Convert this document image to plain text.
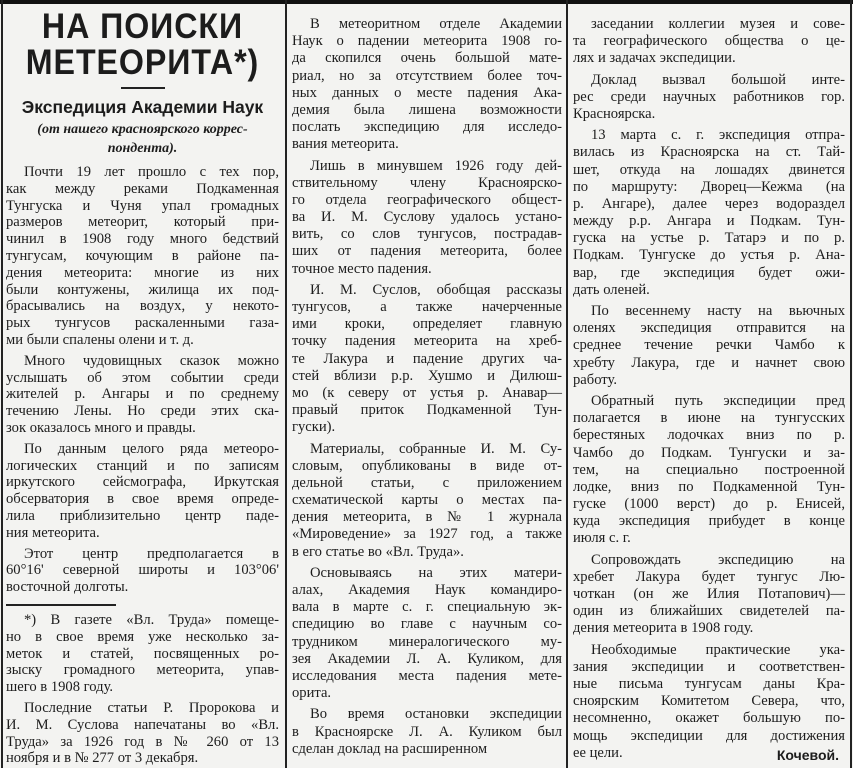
НА ПОИСКИ
МЕТЕОРИТА*)
Экспедиция Академии Наук
(от нашего красноярского коррес-
пондента).
Почти 19 лет прошло с тех пор,
как между реками Подкаменная
Тунгуска и Чуня упал громадных
размеров метеорит, который при-
чинил в 1908 году много бедствий
тунгусам, кочующим в районе па-
дения метеорита: многие из них
были контужены, жилища их под-
брасывались на воздух, у некото-
рых тунгусов раскаленными газа-
ми были спалены олени и т. д.
Много чудовищных сказок можно
услышать об этом событии среди
жителей р. Ангары и по среднему
течению Лены. Но среди этих ска-
зок оказалось много и правды.
По данным целого ряда метеоро-
логических станций и по записям
иркутского сейсмографа, Иркутская
обсерватория в свое время опреде-
лила приблизительно центр паде-
ния метеорита.
Этот центр предполагается в
60°16' северной широты и 103°06'
восточной долготы.
*) В газете «Вл. Труда» помеще-
но в свое время уже несколько за-
меток и статей, посвященных ро-
зыску громадного метеорита, упав-
шего в 1908 году.
Последние статьи Р. Пророкова и
И. М. Суслова напечатаны во «Вл.
Труда» за 1926 год в № 260 от 13
ноября и в № 277 от 3 декабря.
В метеоритном отделе Академии
Наук о падении метеорита 1908 го-
да скопился очень большой мате-
риал, но за отсутствием более точ-
ных данных о месте падения Ака-
демия была лишена возможности
послать экспедицию для исследо-
вания метеорита.
Лишь в минувшем 1926 году дей-
ствительному члену Красноярско-
го отдела географического общест-
ва И. М. Суслову удалось устано-
вить, со слов тунгусов, пострадав-
ших от падения метеорита, более
точное место падения.
И. М. Суслов, обобщая рассказы
тунгусов, а также начерченные
ими кроки, определяет главную
точку падения метеорита на хреб-
те Лакура и падение других ча-
стей вблизи р.р. Хушмо и Дилюш-
мо (к северу от устья р. Анавар—
правый приток Подкаменной Тун-
гуски).
Материалы, собранные И. М. Су-
словым, опубликованы в виде от-
дельной статьи, с приложением
схематической карты о местах па-
дения метеорита, в № 1 журнала
«Мироведение» за 1927 год, а также
в его статье во «Вл. Труда».
Основываясь на этих матери-
алах, Академия Наук командиро-
вала в марте с. г. специальную эк-
спедицию во главе с научным со-
трудником минералогического му-
зея Академии Л. А. Куликом, для
исследования места падения мете-
орита.
Во время остановки экспедиции
в Красноярске Л. А. Куликом был
сделан доклад на расширенном
заседании коллегии музея и сове-
та географического общества о це-
лях и задачах экспедиции.
Доклад вызвал большой инте-
рес среди научных работников гор.
Красноярска.
13 марта с. г. экспедиция отпра-
вилась из Красноярска на ст. Тай-
шет, откуда на лошадях двинется
по маршруту: Дворец—Кежма (на
р. Ангаре), далее через водораздел
между р.р. Ангара и Подкам. Тун-
гуска на устье р. Татарэ и по р.
Подкам. Тунгуске до устья р. Ана-
вар, где экспедиция будет ожи-
дать оленей.
По весеннему насту на вьючных
оленях экспедиция отправится на
среднее течение речки Чамбо к
хребту Лакура, где и начнет свою
работу.
Обратный путь экспедиции пред
полагается в июне на тунгусских
берестяных лодочках вниз по р.
Чамбо до Подкам. Тунгуски и за-
тем, на специально построенной
лодке, вниз по Подкаменной Тун-
гуске (1000 верст) до р. Енисей,
куда экспедиция прибудет в конце
июля с. г.
Сопровождать экспедицию на
хребет Лакура будет тунгус Лю-
чоткан (он же Илия Потапович)—
один из ближайших свидетелей па-
дения метеорита в 1908 году.
Необходимые практические ука-
зания экспедиции и соответствен-
ные письма тунгусам даны Кра-
сноярским Комитетом Севера, что,
несомненно, окажет большую по-
мощь экспедиции для достижения
ее цели.	Кочевой.
